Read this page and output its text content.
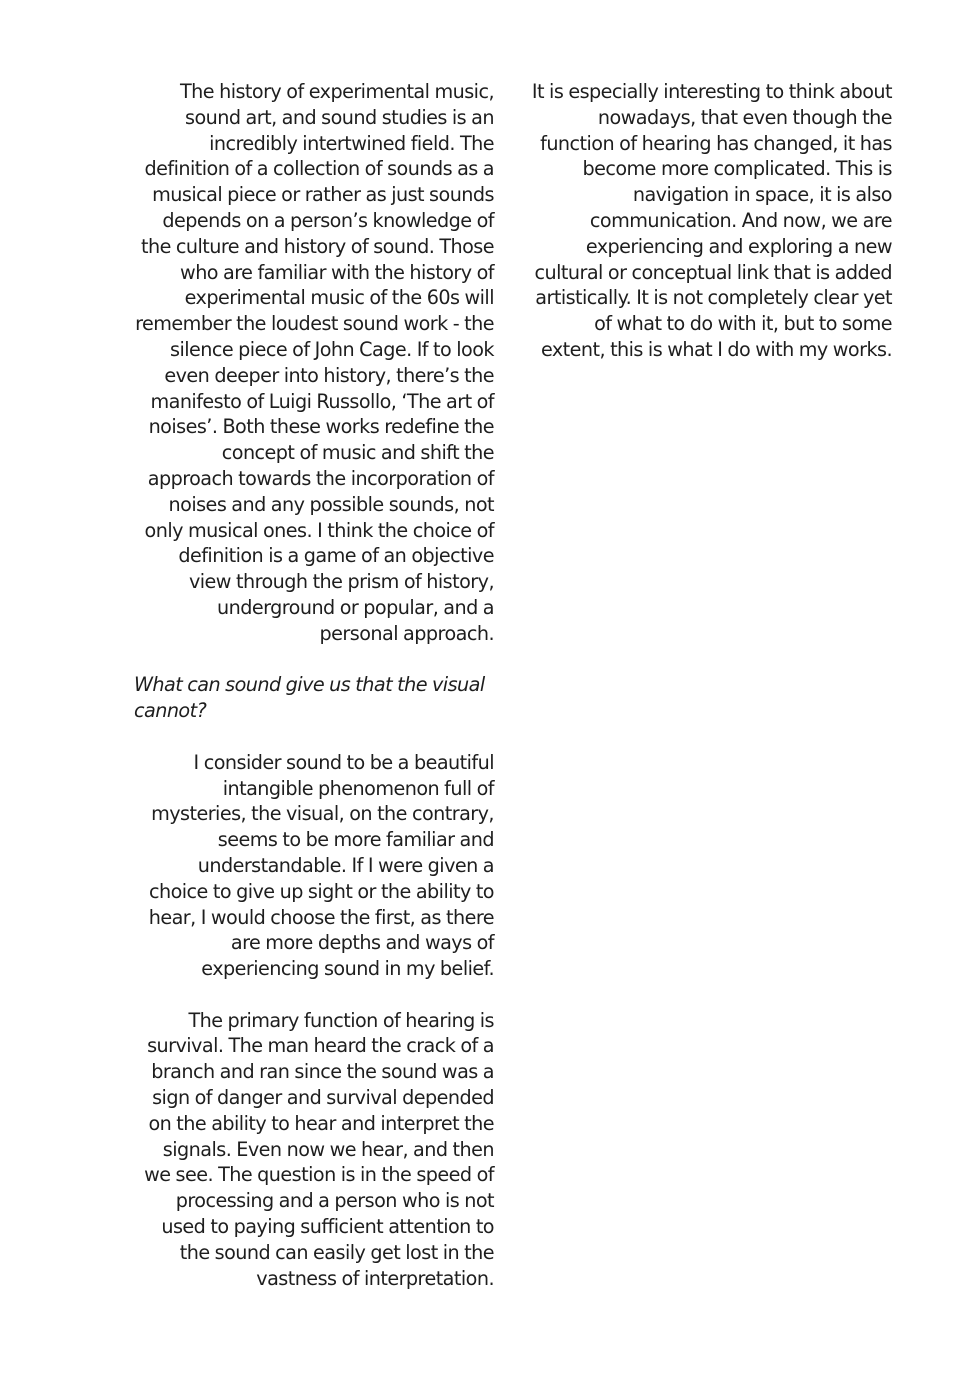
The history of experimental music, sound art, and sound studies is an incredibly intertwined field. The definition of a collection of sounds as a musical piece or rather as just sounds depends on a person’s knowledge of the culture and history of sound. Those who are familiar with the history of experimental music of the 60s will remember the loudest sound work - the silence piece of John Cage. If to look even deeper into history, there’s the manifesto of Luigi Russollo, ‘The art of noises’. Both these works redefine the concept of music and shift the approach towards the incorporation of noises and any possible sounds, not only musical ones. I think the choice of definition is a game of an objective view through the prism of history, underground or popular, and a personal approach.

What can sound give us that the visual cannot?

I consider sound to be a beautiful intangible phenomenon full of mysteries, the visual, on the contrary, seems to be more familiar and understandable. If I were given a choice to give up sight or the ability to hear, I would choose the first, as there are more depths and ways of experiencing sound in my belief.

The primary function of hearing is survival. The man heard the crack of a branch and ran since the sound was a sign of danger and survival depended on the ability to hear and interpret the signals. Even now we hear, and then we see. The question is in the speed of processing and a person who is not used to paying sufficient attention to the sound can easily get lost in the vastness of interpretation.

It is especially interesting to think about nowadays, that even though the function of hearing has changed, it has become more complicated. This is navigation in space, it is also communication. And now, we are experiencing and exploring a new cultural or conceptual link that is added artistically. It is not completely clear yet of what to do with it, but to some extent, this is what I do with my works.
